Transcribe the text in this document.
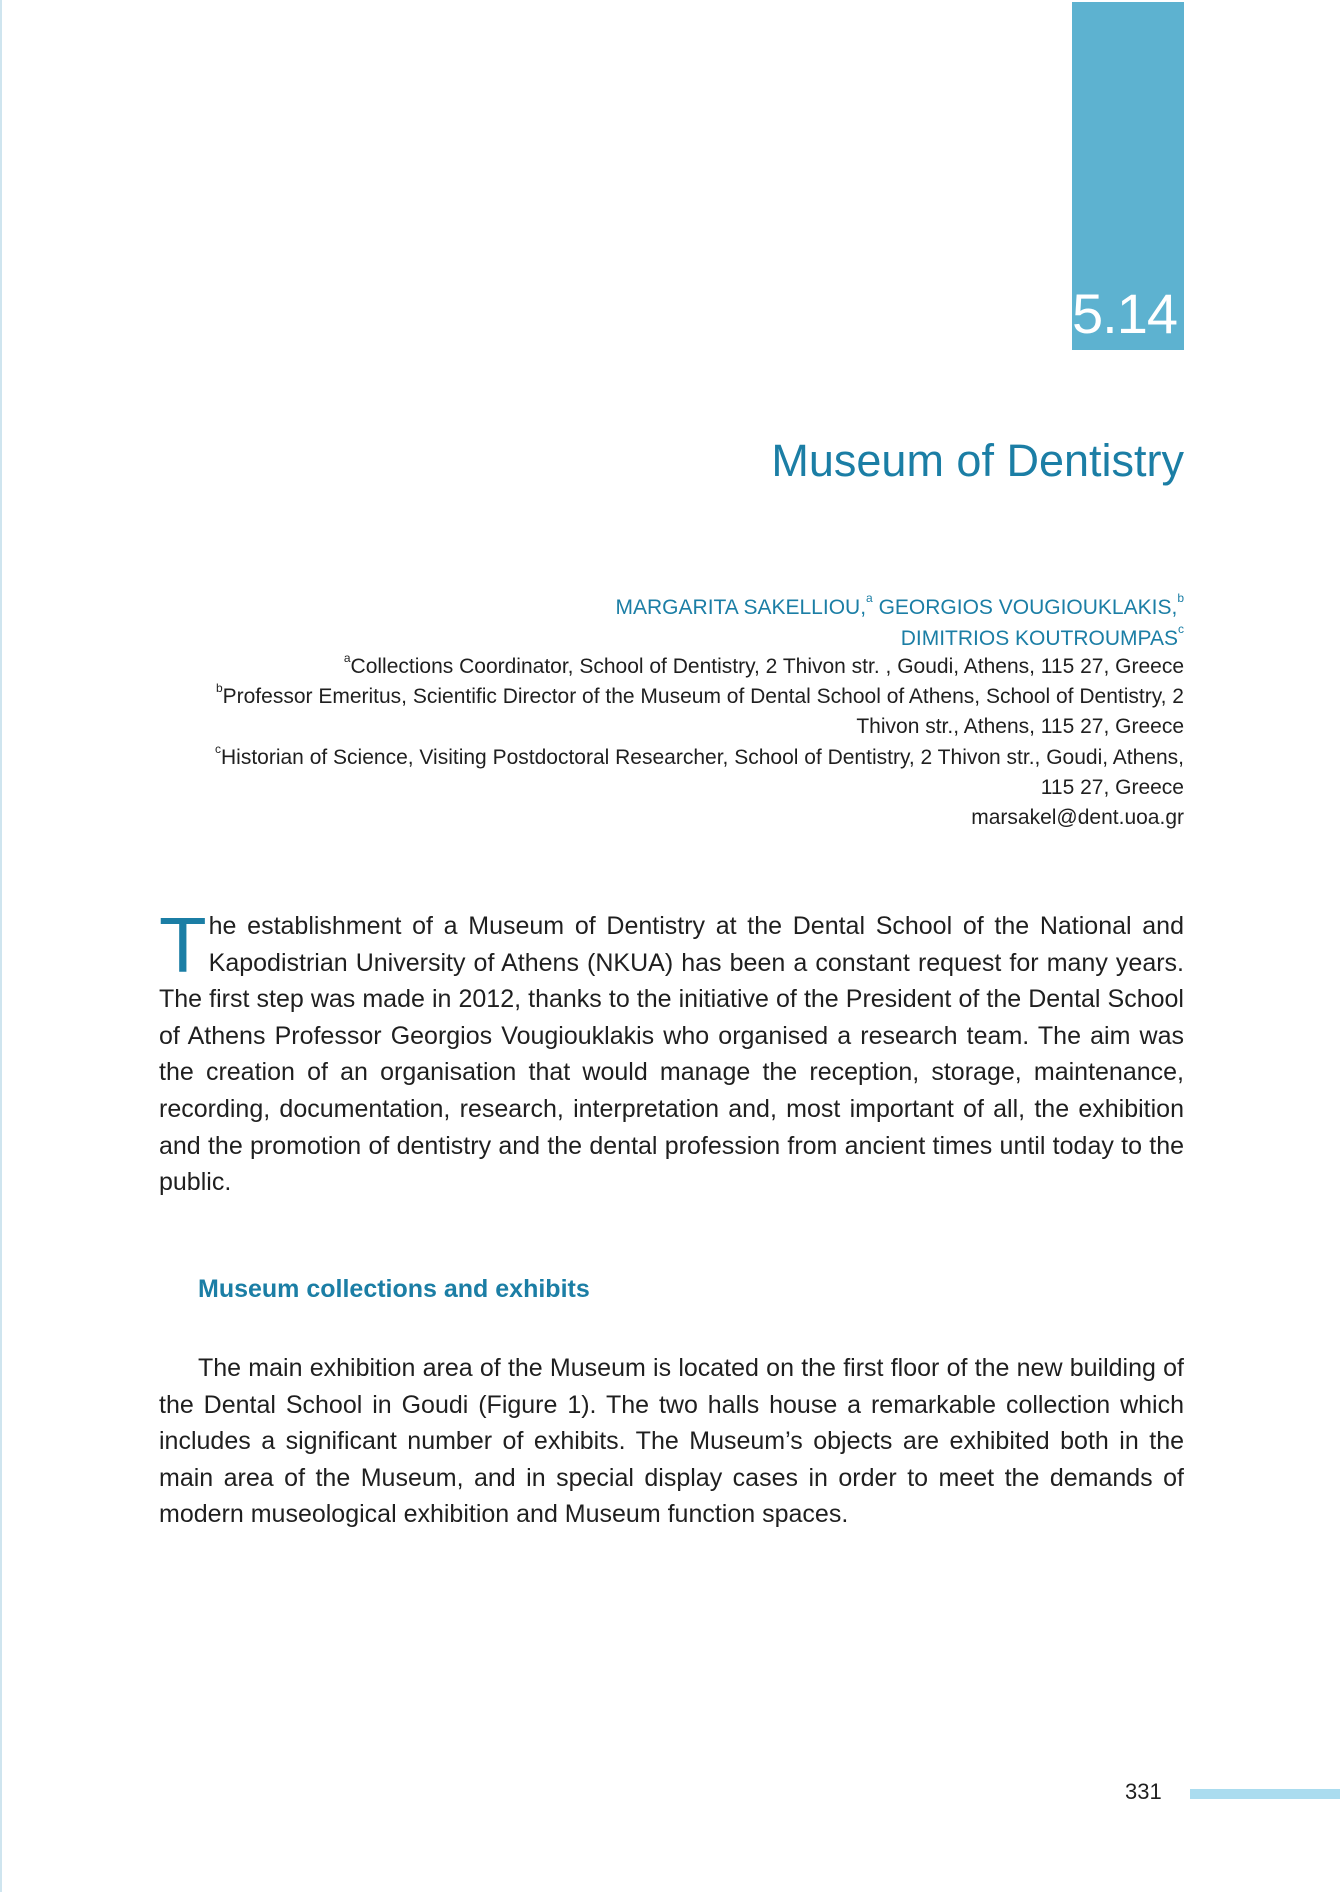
5.14
Museum of Dentistry
MARGARITA SAKELLIOU,$^a$ GEORGIOS VOUGIOUKLAKIS,$^b$
DIMITRIOS KOUTROUMPAS$^c$

$^a$Collections Coordinator, School of Dentistry, 2 Thivon str. , Goudi, Athens, 115 27, Greece

$^b$Professor Emeritus, Scientific Director of the Museum of Dental School of Athens, School of Dentistry, 2 Thivon str., Athens, 115 27, Greece

$^c$Historian of Science, Visiting Postdoctoral Researcher, School of Dentistry, 2 Thivon str., Goudi, Athens, 115 27, Greece

marsakel@dent.uoa.gr

The establishment of a Museum of Dentistry at the Dental School of the National and Kapodistrian University of Athens (NKUA) has been a constant request for many years. The first step was made in 2012, thanks to the initiative of the President of the Dental School of Athens Professor Georgios Vougiouklakis who organised a research team. The aim was the creation of an organisation that would manage the reception, storage, maintenance, recording, documentation, research, interpretation and, most important of all, the exhibition and the promotion of dentistry and the dental profession from ancient times until today to the public.
Museum collections and exhibits
The main exhibition area of the Museum is located on the first floor of the new building of the Dental School in Goudi (Figure 1). The two halls house a remarkable collection which includes a significant number of exhibits. The Museum’s objects are exhibited both in the main area of the Museum, and in special display cases in order to meet the demands of modern museological exhibition and Museum function spaces.
331
